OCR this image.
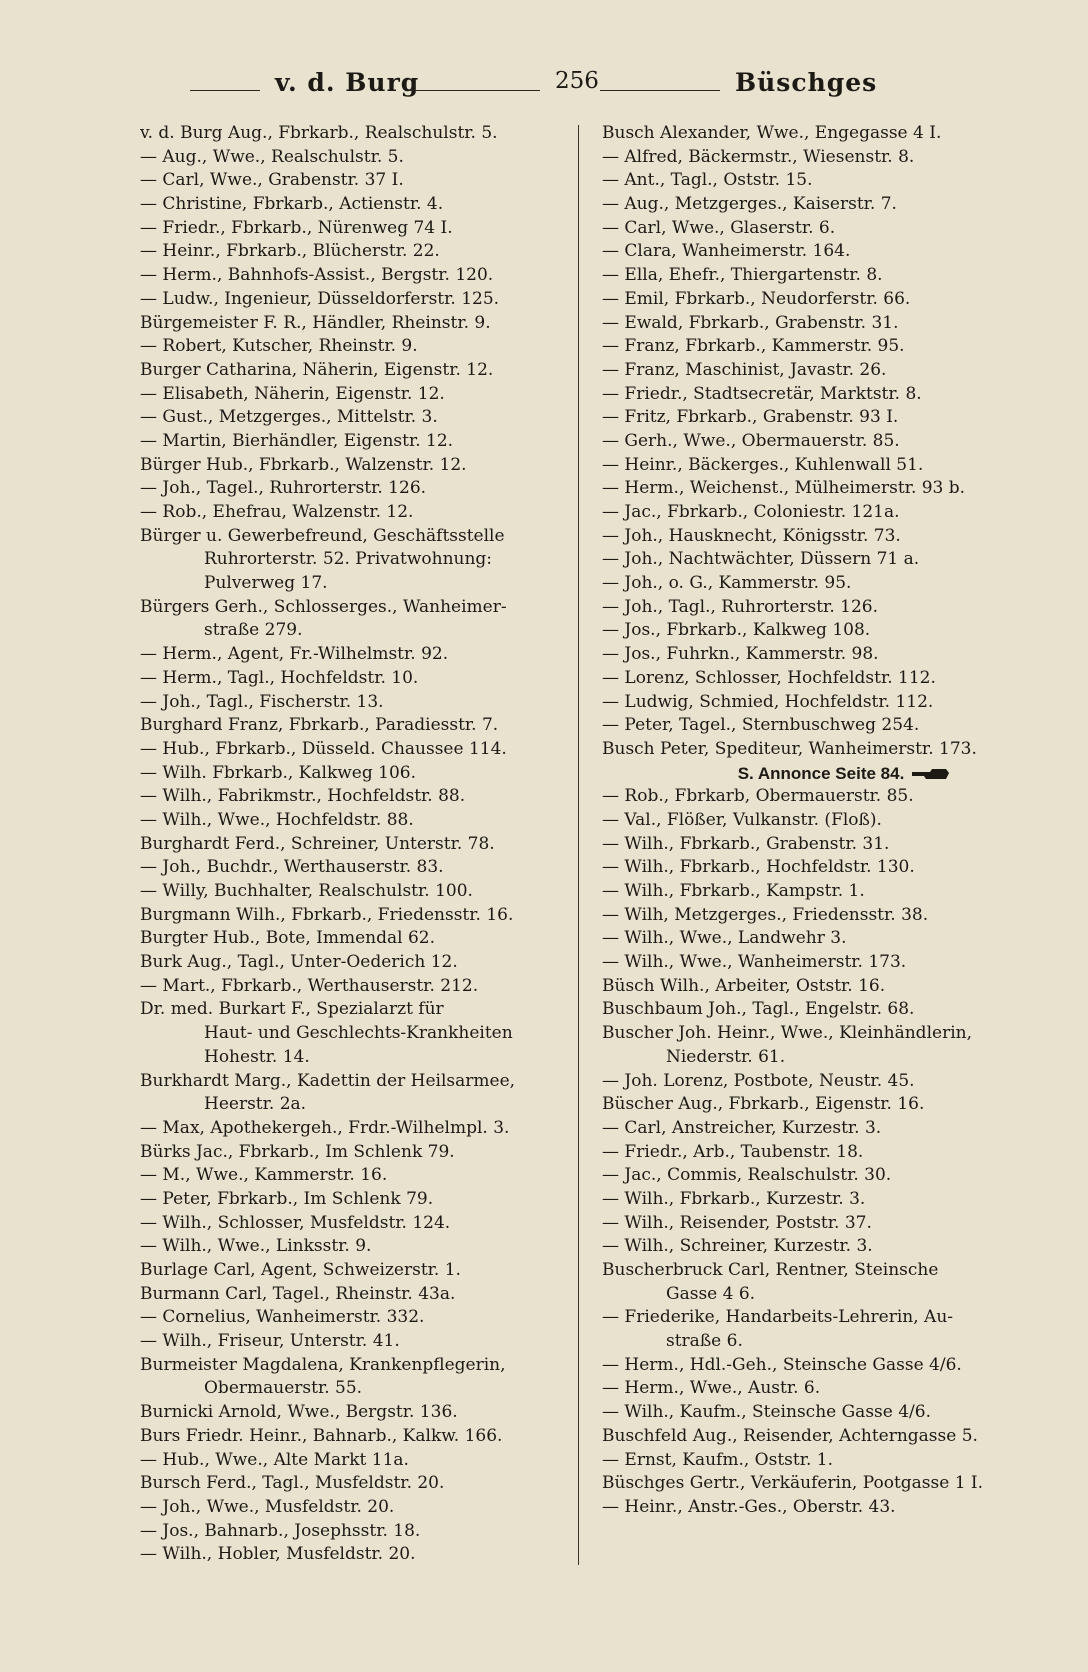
v. d. Burg	256	Büschges
v. d. Burg Aug., Fbrkarb., Realschulstr. 5.
— Aug., Wwe., Realschulstr. 5.
— Carl, Wwe., Grabenstr. 37 I.
— Christine, Fbrkarb., Actienstr. 4.
— Friedr., Fbrkarb., Nürenweg 74 I.
— Heinr., Fbrkarb., Blücherstr. 22.
— Herm., Bahnhofs-Assist., Bergstr. 120.
— Ludw., Ingenieur, Düsseldorferstr. 125.
Bürgemeister F. R., Händler, Rheinstr. 9.
— Robert, Kutscher, Rheinstr. 9.
Burger Catharina, Näherin, Eigenstr. 12.
— Elisabeth, Näherin, Eigenstr. 12.
— Gust., Metzgerges., Mittelstr. 3.
— Martin, Bierhändler, Eigenstr. 12.
Bürger Hub., Fbrkarb., Walzenstr. 12.
— Joh., Tagel., Ruhrorterstr. 126.
— Rob., Ehefrau, Walzenstr. 12.
Bürger u. Gewerbefreund, Geschäftsstelle
Ruhrorterstr. 52. Privatwohnung:
Pulverweg 17.
Bürgers Gerh., Schlosserges., Wanheimer-
straße 279.
— Herm., Agent, Fr.-Wilhelmstr. 92.
— Herm., Tagl., Hochfeldstr. 10.
— Joh., Tagl., Fischerstr. 13.
Burghard Franz, Fbrkarb., Paradiesstr. 7.
— Hub., Fbrkarb., Düsseld. Chaussee 114.
— Wilh. Fbrkarb., Kalkweg 106.
— Wilh., Fabrikmstr., Hochfeldstr. 88.
— Wilh., Wwe., Hochfeldstr. 88.
Burghardt Ferd., Schreiner, Unterstr. 78.
— Joh., Buchdr., Werthauserstr. 83.
— Willy, Buchhalter, Realschulstr. 100.
Burgmann Wilh., Fbrkarb., Friedensstr. 16.
Burgter Hub., Bote, Immendal 62.
Burk Aug., Tagl., Unter-Oederich 12.
— Mart., Fbrkarb., Werthauserstr. 212.
Dr. med. Burkart F., Spezialarzt für
Haut- und Geschlechts-Krankheiten
Hohestr. 14.
Burkhardt Marg., Kadettin der Heilsarmee,
Heerstr. 2a.
— Max, Apothekergeh., Frdr.-Wilhelmpl. 3.
Bürks Jac., Fbrkarb., Im Schlenk 79.
— M., Wwe., Kammerstr. 16.
— Peter, Fbrkarb., Im Schlenk 79.
— Wilh., Schlosser, Musfeldstr. 124.
— Wilh., Wwe., Linksstr. 9.
Burlage Carl, Agent, Schweizerstr. 1.
Burmann Carl, Tagel., Rheinstr. 43a.
— Cornelius, Wanheimerstr. 332.
— Wilh., Friseur, Unterstr. 41.
Burmeister Magdalena, Krankenpflegerin,
Obermauerstr. 55.
Burnicki Arnold, Wwe., Bergstr. 136.
Burs Friedr. Heinr., Bahnarb., Kalkw. 166.
— Hub., Wwe., Alte Markt 11a.
Bursch Ferd., Tagl., Musfeldstr. 20.
— Joh., Wwe., Musfeldstr. 20.
— Jos., Bahnarb., Josephsstr. 18.
— Wilh., Hobler, Musfeldstr. 20.
Busch Alexander, Wwe., Engegasse 4 I.
— Alfred, Bäckermstr., Wiesenstr. 8.
— Ant., Tagl., Oststr. 15.
— Aug., Metzgerges., Kaiserstr. 7.
— Carl, Wwe., Glaserstr. 6.
— Clara, Wanheimerstr. 164.
— Ella, Ehefr., Thiergartenstr. 8.
— Emil, Fbrkarb., Neudorferstr. 66.
— Ewald, Fbrkarb., Grabenstr. 31.
— Franz, Fbrkarb., Kammerstr. 95.
— Franz, Maschinist, Javastr. 26.
— Friedr., Stadtsecretär, Marktstr. 8.
— Fritz, Fbrkarb., Grabenstr. 93 I.
— Gerh., Wwe., Obermauerstr. 85.
— Heinr., Bäckerges., Kuhlenwall 51.
— Herm., Weichenst., Mülheimerstr. 93 b.
— Jac., Fbrkarb., Coloniestr. 121a.
— Joh., Hausknecht, Königsstr. 73.
— Joh., Nachtwächter, Düssern 71 a.
— Joh., o. G., Kammerstr. 95.
— Joh., Tagl., Ruhrorterstr. 126.
— Jos., Fbrkarb., Kalkweg 108.
— Jos., Fuhrkn., Kammerstr. 98.
— Lorenz, Schlosser, Hochfeldstr. 112.
— Ludwig, Schmied, Hochfeldstr. 112.
— Peter, Tagel., Sternbuschweg 254.
Busch Peter, Spediteur, Wanheimerstr. 173.
S. Annonce Seite 84.
— Rob., Fbrkarb, Obermauerstr. 85.
— Val., Flößer, Vulkanstr. (Floß).
— Wilh., Fbrkarb., Grabenstr. 31.
— Wilh., Fbrkarb., Hochfeldstr. 130.
— Wilh., Fbrkarb., Kampstr. 1.
— Wilh, Metzgerges., Friedensstr. 38.
— Wilh., Wwe., Landwehr 3.
— Wilh., Wwe., Wanheimerstr. 173.
Büsch Wilh., Arbeiter, Oststr. 16.
Buschbaum Joh., Tagl., Engelstr. 68.
Buscher Joh. Heinr., Wwe., Kleinhändlerin,
Niederstr. 61.
— Joh. Lorenz, Postbote, Neustr. 45.
Büscher Aug., Fbrkarb., Eigenstr. 16.
— Carl, Anstreicher, Kurzestr. 3.
— Friedr., Arb., Taubenstr. 18.
— Jac., Commis, Realschulstr. 30.
— Wilh., Fbrkarb., Kurzestr. 3.
— Wilh., Reisender, Poststr. 37.
— Wilh., Schreiner, Kurzestr. 3.
Buscherbruck Carl, Rentner, Steinsche
Gasse 4 6.
— Friederike, Handarbeits-Lehrerin, Au-
straße 6.
— Herm., Hdl.-Geh., Steinsche Gasse 4/6.
— Herm., Wwe., Austr. 6.
— Wilh., Kaufm., Steinsche Gasse 4/6.
Buschfeld Aug., Reisender, Achterngasse 5.
— Ernst, Kaufm., Oststr. 1.
Büschges Gertr., Verkäuferin, Pootgasse 1 I.
— Heinr., Anstr.-Ges., Oberstr. 43.
